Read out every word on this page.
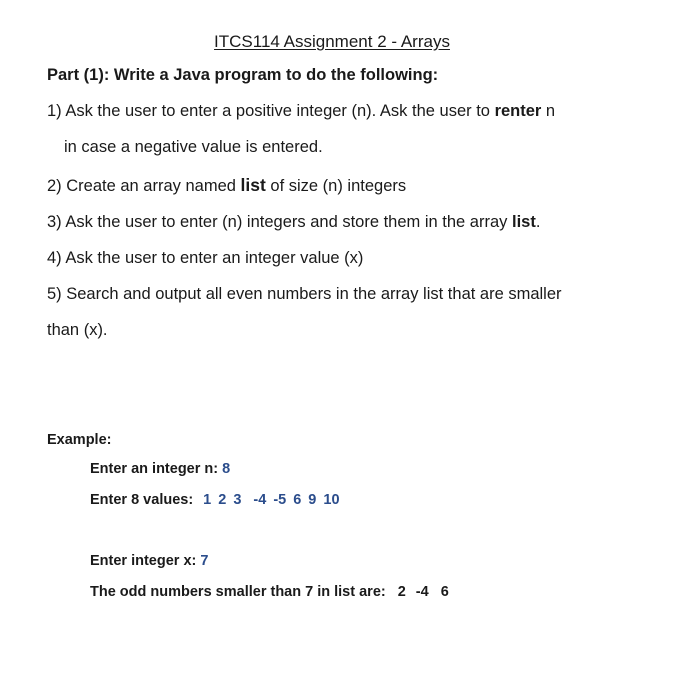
ITCS114 Assignment 2 - Arrays
Part (1): Write a Java program to do the following:
1) Ask the user to enter a positive integer (n). Ask the user to renter n
in case a negative value is entered.
2) Create an array named list of size (n) integers
3) Ask the user to enter (n) integers and store them in the array list.
4) Ask the user to enter an integer value (x)
5) Search and output all even numbers in the array list that are smaller
than (x).
Example:
Enter an integer n: 8
Enter 8 values: 1 2 3 -4 -5 6 9 10
Enter integer x: 7
The odd numbers smaller than 7 in list are: 2 -4 6
